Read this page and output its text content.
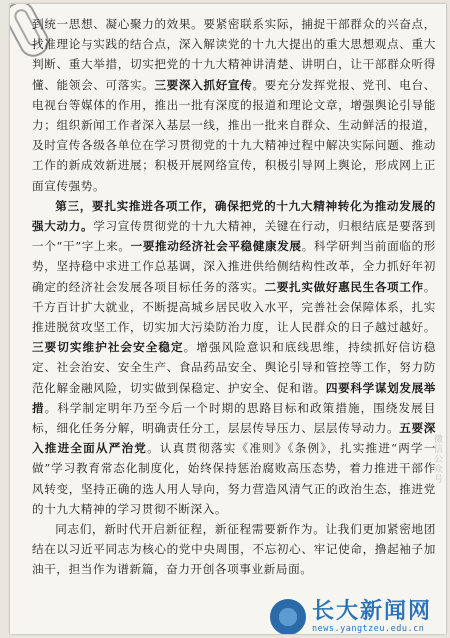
到统一思想、凝心聚力的效果。要紧密联系实际，捕捉干部群众的兴奋点，找准理论与实践的结合点，深入解读党的十九大提出的重大思想观点、重大判断、重大举措，切实把党的十九大精神讲清楚、讲明白，让干部群众听得懂、能领会、可落实。三要深入抓好宣传。要充分发挥党报、党刊、电台、电视台等媒体的作用，推出一批有深度的报道和理论文章，增强舆论引导能力；组织新闻工作者深入基层一线，推出一批来自群众、生动鲜活的报道，及时宣传各级各单位在学习贯彻党的十九大精神过程中解决实际问题、推动工作的新成效新进展；积极开展网络宣传，积极引导网上舆论，形成网上正面宣传强势。

第三，要扎实推进各项工作，确保把党的十九大精神转化为推动发展的强大动力。学习宣传贯彻党的十九大精神，关键在行动，归根结底是要落到一个“干”字上来。一要推动经济社会平稳健康发展。科学研判当前面临的形势，坚持稳中求进工作总基调，深入推进供给侧结构性改革，全力抓好年初确定的经济社会发展各项目标任务的落实。二要扎实做好惠民生各项工作。千方百计扩大就业，不断提高城乡居民收入水平，完善社会保障体系，扎实推进脱贫攻坚工作，切实加大污染防治力度，让人民群众的日子越过越好。三要切实维护社会安全稳定。增强风险意识和底线思维，持续抓好信访稳定、社会治安、安全生产、食品药品安全、舆论引导和管控等工作，努力防范化解金融风险，切实做到保稳定、护安全、促和谐。四要科学谋划发展举措。科学制定明年乃至今后一个时期的思路目标和政策措施，围绕发展目标，细化任务分解，明确责任分工，层层传导压力、层层传导动力。五要深入推进全面从严治党。认真贯彻落实《准则》《条例》，扎实推进“两学一做”学习教育常态化制度化，始终保持惩治腐败高压态势，着力推进干部作风转变，坚持正确的选人用人导向，努力营造风清气正的政治生态，推进党的十九大精神的学习贯彻不断深入。

同志们，新时代开启新征程，新征程需要新作为。让我们更加紧密地团结在以习近平同志为核心的党中央周围，不忘初心、牢记使命，撸起袖子加油干，担当作为谱新篇，奋力开创各项事业新局面。

微信公众号
长大新闻网
news.yangtzeu.edu.cn
